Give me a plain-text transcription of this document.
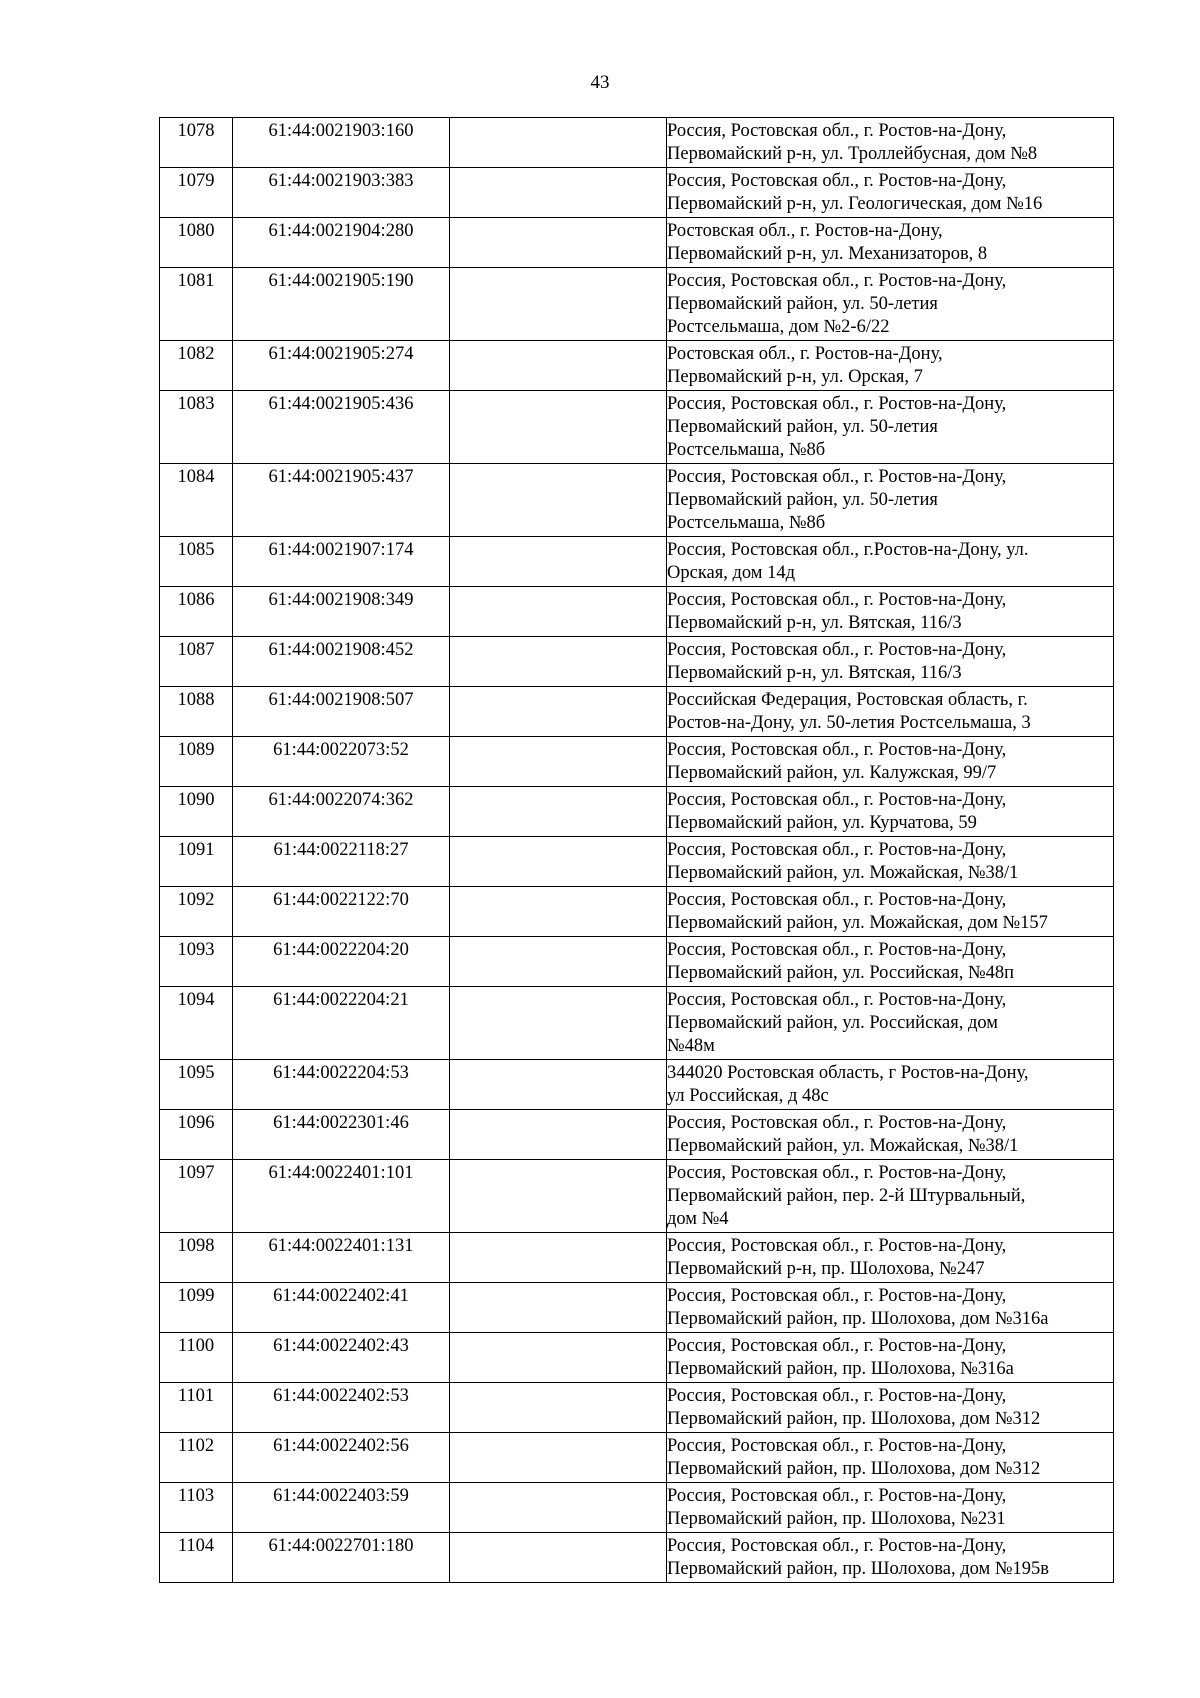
43
1078	61:44:0021903:160		Россия, Ростовская обл., г. Ростов-на-Дону,
Первомайский р-н, ул. Троллейбусная, дом №8

1079	61:44:0021903:383		Россия, Ростовская обл., г. Ростов-на-Дону,
Первомайский р-н, ул. Геологическая, дом №16

1080	61:44:0021904:280		Ростовская обл., г. Ростов-на-Дону,
Первомайский р-н, ул. Механизаторов, 8

1081	61:44:0021905:190		Россия, Ростовская обл., г. Ростов-на-Дону,
Первомайский район, ул. 50-летия
Ростсельмаша, дом №2-6/22

1082	61:44:0021905:274		Ростовская обл., г. Ростов-на-Дону,
Первомайский р-н, ул. Орская, 7

1083	61:44:0021905:436		Россия, Ростовская обл., г. Ростов-на-Дону,
Первомайский район, ул. 50-летия
Ростсельмаша, №8б

1084	61:44:0021905:437		Россия, Ростовская обл., г. Ростов-на-Дону,
Первомайский район, ул. 50-летия
Ростсельмаша, №8б

1085	61:44:0021907:174		Россия, Ростовская обл., г.Ростов-на-Дону, ул.
Орская, дом 14д

1086	61:44:0021908:349		Россия, Ростовская обл., г. Ростов-на-Дону,
Первомайский р-н, ул. Вятская, 116/3

1087	61:44:0021908:452		Россия, Ростовская обл., г. Ростов-на-Дону,
Первомайский р-н, ул. Вятская, 116/3

1088	61:44:0021908:507		Российская Федерация, Ростовская область, г.
Ростов-на-Дону, ул. 50-летия Ростсельмаша, 3

1089	61:44:0022073:52		Россия, Ростовская обл., г. Ростов-на-Дону,
Первомайский район, ул. Калужская, 99/7

1090	61:44:0022074:362		Россия, Ростовская обл., г. Ростов-на-Дону,
Первомайский район, ул. Курчатова, 59

1091	61:44:0022118:27		Россия, Ростовская обл., г. Ростов-на-Дону,
Первомайский район, ул. Можайская, №38/1

1092	61:44:0022122:70		Россия, Ростовская обл., г. Ростов-на-Дону,
Первомайский район, ул. Можайская, дом №157

1093	61:44:0022204:20		Россия, Ростовская обл., г. Ростов-на-Дону,
Первомайский район, ул. Российская, №48п

1094	61:44:0022204:21		Россия, Ростовская обл., г. Ростов-на-Дону,
Первомайский район, ул. Российская, дом
№48м

1095	61:44:0022204:53		344020 Ростовская область, г Ростов-на-Дону,
ул Российская, д 48с

1096	61:44:0022301:46		Россия, Ростовская обл., г. Ростов-на-Дону,
Первомайский район, ул. Можайская, №38/1

1097	61:44:0022401:101		Россия, Ростовская обл., г. Ростов-на-Дону,
Первомайский район, пер. 2-й Штурвальный,
дом №4

1098	61:44:0022401:131		Россия, Ростовская обл., г. Ростов-на-Дону,
Первомайский р-н, пр. Шолохова, №247

1099	61:44:0022402:41		Россия, Ростовская обл., г. Ростов-на-Дону,
Первомайский район, пр. Шолохова, дом №316а

1100	61:44:0022402:43		Россия, Ростовская обл., г. Ростов-на-Дону,
Первомайский район, пр. Шолохова, №316а

1101	61:44:0022402:53		Россия, Ростовская обл., г. Ростов-на-Дону,
Первомайский район, пр. Шолохова, дом №312

1102	61:44:0022402:56		Россия, Ростовская обл., г. Ростов-на-Дону,
Первомайский район, пр. Шолохова, дом №312

1103	61:44:0022403:59		Россия, Ростовская обл., г. Ростов-на-Дону,
Первомайский район, пр. Шолохова, №231

1104	61:44:0022701:180		Россия, Ростовская обл., г. Ростов-на-Дону,
Первомайский район, пр. Шолохова, дом №195в
